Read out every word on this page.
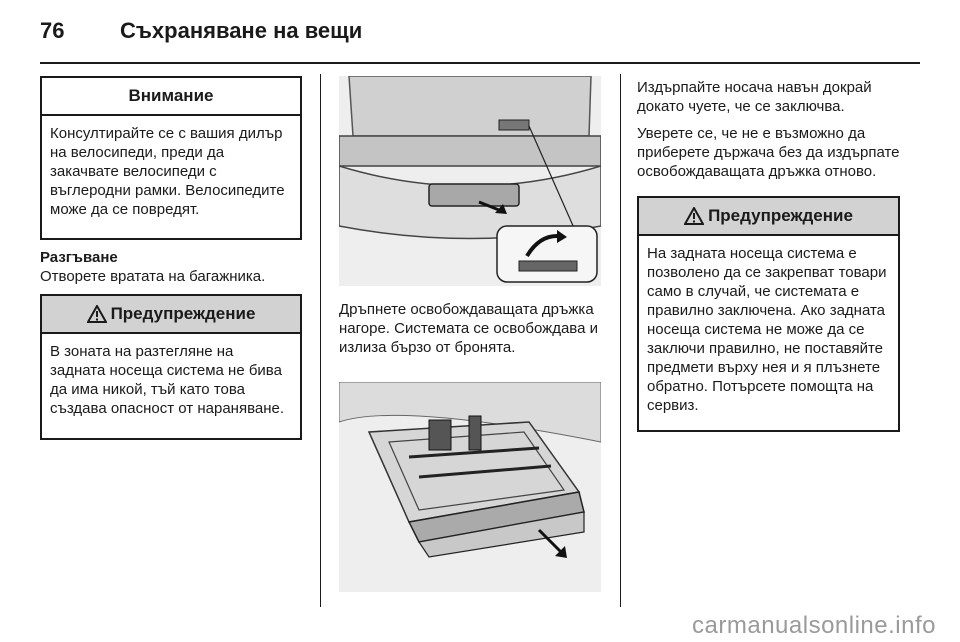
76	Съхраняване на вещи
Внимание
Консултирайте се с вашия дилър на велосипеди, преди да закачвате велосипеди с въглеродни рамки. Велосипедите може да се повредят.
Разгъване
Отворете вратата на багажника.
Предупреждение
В зоната на разтегляне на задната носеща система не бива да има никой, тъй като това създава опасност от нараняване.
Дръпнете освобождаващата дръжка нагоре. Системата се освобождава и излиза бързо от бронята.

Издърпайте носача навън докрай докато чуете, че се заключва.

Уверете се, че не е възможно да приберете държача без да издърпате освобождаващата дръжка отново.

Предупреждение
На задната носеща система е позволено да се закрепват товари само в случай, че системата е правилно заключена. Ако задната носеща система не може да се заключи правилно, не поставяйте предмети върху нея и я плъзнете обратно. Потърсете помощта на сервиз.
carmanualsonline.info
